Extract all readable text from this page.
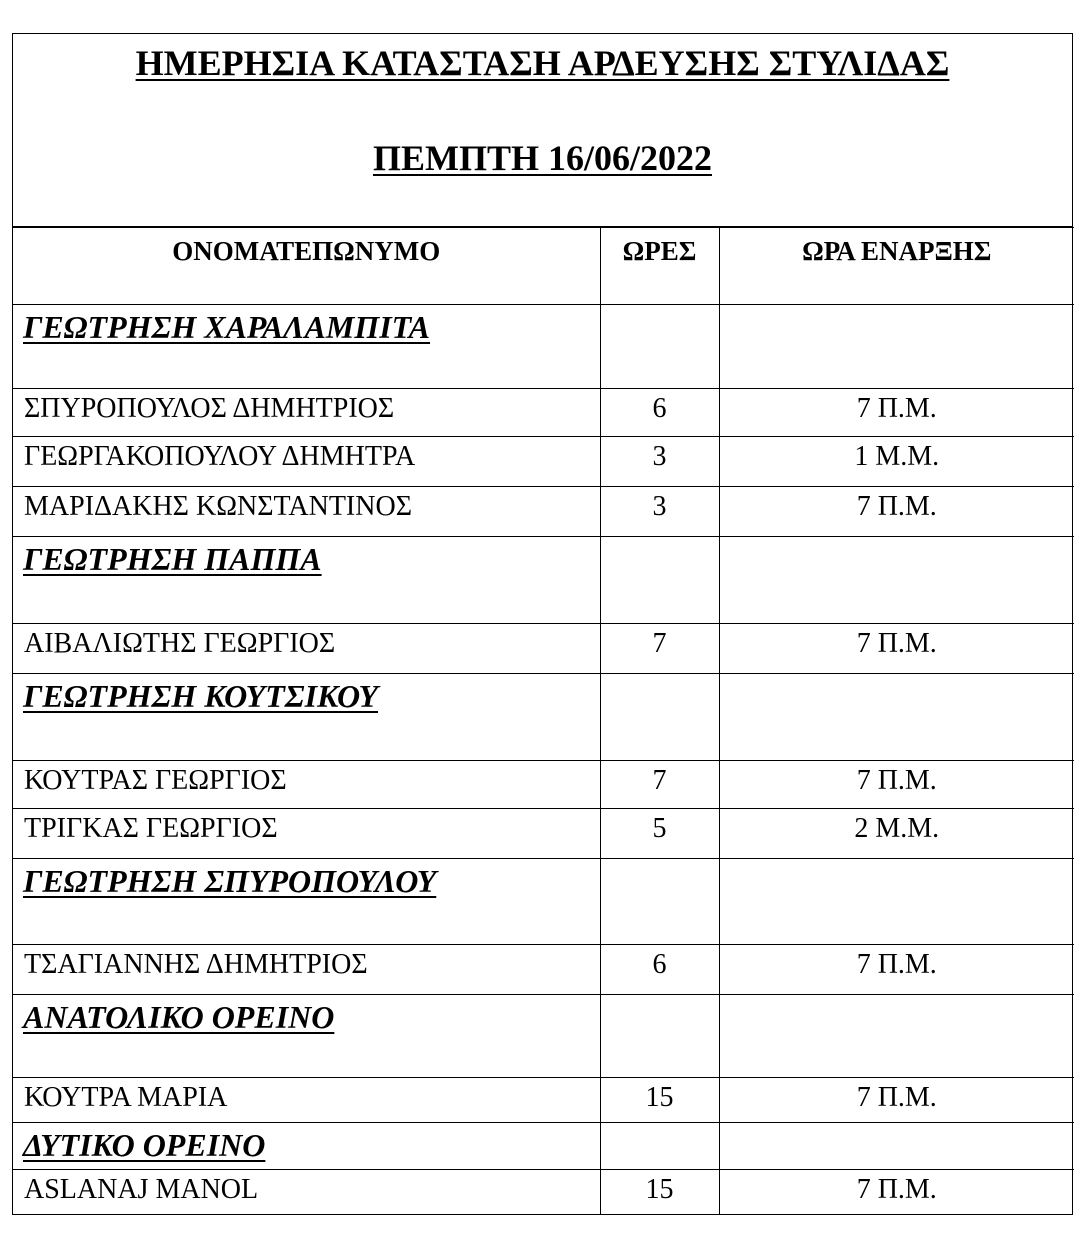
ΗΜΕΡΗΣΙΑ ΚΑΤΑΣΤΑΣΗ ΑΡΔΕΥΣΗΣ ΣΤΥΛΙΔΑΣ
ΠΕΜΠΤΗ 16/06/2022
ΟΝΟΜΑΤΕΠΩΝΥΜΟ	ΩΡΕΣ	ΩΡΑ ΕΝΑΡΞΗΣ
ΓΕΩΤΡΗΣΗ ΧΑΡΑΛΑΜΠΙΤΑ		
ΣΠΥΡΟΠΟΥΛΟΣ ΔΗΜΗΤΡΙΟΣ	6	7 Π.Μ.
ΓΕΩΡΓΑΚΟΠΟΥΛΟΥ ΔΗΜΗΤΡΑ	3	1 Μ.Μ.
ΜΑΡΙΔΑΚΗΣ ΚΩΝΣΤΑΝΤΙΝΟΣ	3	7 Π.Μ.
ΓΕΩΤΡΗΣΗ ΠΑΠΠΑ		
ΑΙΒΑΛΙΩΤΗΣ ΓΕΩΡΓΙΟΣ	7	7 Π.Μ.
ΓΕΩΤΡΗΣΗ ΚΟΥΤΣΙΚΟΥ		
ΚΟΥΤΡΑΣ ΓΕΩΡΓΙΟΣ	7	7 Π.Μ.
ΤΡΙΓΚΑΣ ΓΕΩΡΓΙΟΣ	5	2 Μ.Μ.
ΓΕΩΤΡΗΣΗ ΣΠΥΡΟΠΟΥΛΟΥ		
ΤΣΑΓΙΑΝΝΗΣ ΔΗΜΗΤΡΙΟΣ	6	7 Π.Μ.
ΑΝΑΤΟΛΙΚΟ ΟΡΕΙΝΟ		
ΚΟΥΤΡΑ ΜΑΡΙΑ	15	7 Π.Μ.
ΔΥΤΙΚΟ ΟΡΕΙΝΟ		
ASLANAJ MANOL	15	7 Π.Μ.
